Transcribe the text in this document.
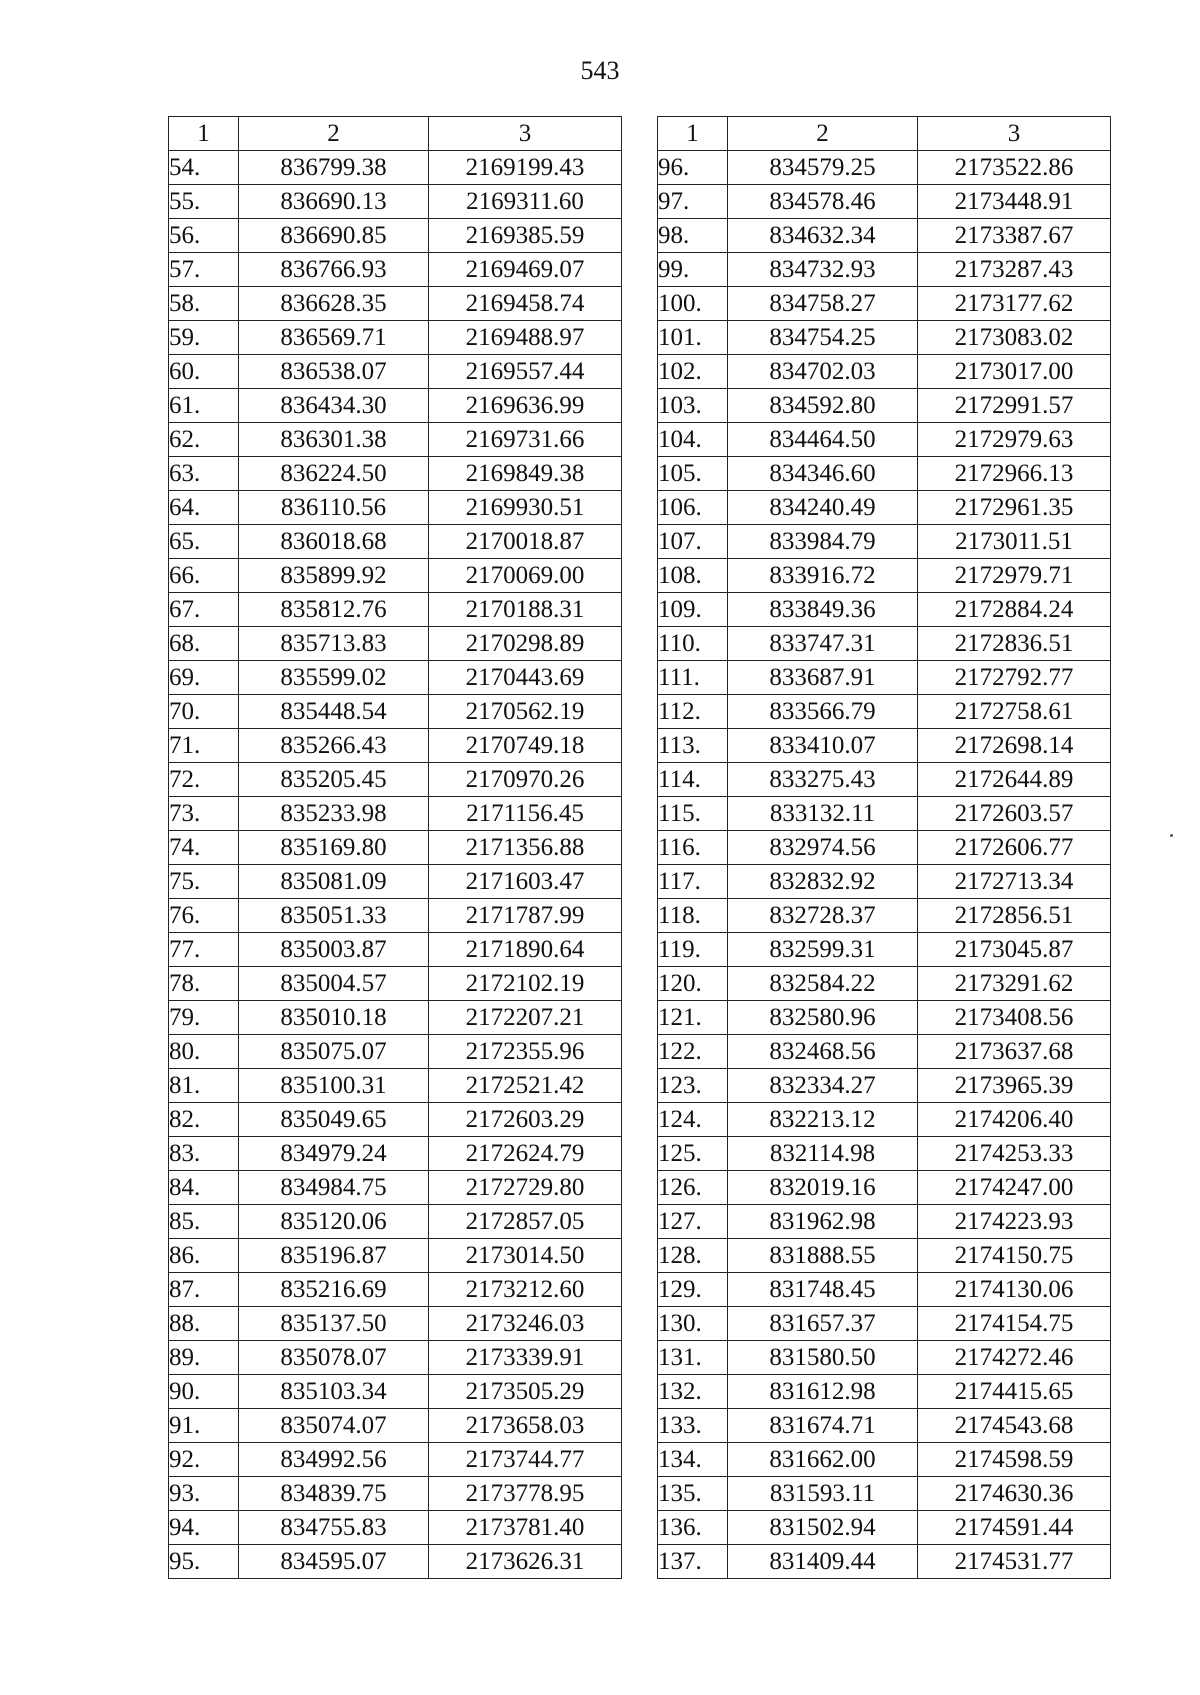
543
1	2	3
54.	836799.38	2169199.43
55.	836690.13	2169311.60
56.	836690.85	2169385.59
57.	836766.93	2169469.07
58.	836628.35	2169458.74
59.	836569.71	2169488.97
60.	836538.07	2169557.44
61.	836434.30	2169636.99
62.	836301.38	2169731.66
63.	836224.50	2169849.38
64.	836110.56	2169930.51
65.	836018.68	2170018.87
66.	835899.92	2170069.00
67.	835812.76	2170188.31
68.	835713.83	2170298.89
69.	835599.02	2170443.69
70.	835448.54	2170562.19
71.	835266.43	2170749.18
72.	835205.45	2170970.26
73.	835233.98	2171156.45
74.	835169.80	2171356.88
75.	835081.09	2171603.47
76.	835051.33	2171787.99
77.	835003.87	2171890.64
78.	835004.57	2172102.19
79.	835010.18	2172207.21
80.	835075.07	2172355.96
81.	835100.31	2172521.42
82.	835049.65	2172603.29
83.	834979.24	2172624.79
84.	834984.75	2172729.80
85.	835120.06	2172857.05
86.	835196.87	2173014.50
87.	835216.69	2173212.60
88.	835137.50	2173246.03
89.	835078.07	2173339.91
90.	835103.34	2173505.29
91.	835074.07	2173658.03
92.	834992.56	2173744.77
93.	834839.75	2173778.95
94.	834755.83	2173781.40
95.	834595.07	2173626.31
1	2	3
96.	834579.25	2173522.86
97.	834578.46	2173448.91
98.	834632.34	2173387.67
99.	834732.93	2173287.43
100.	834758.27	2173177.62
101.	834754.25	2173083.02
102.	834702.03	2173017.00
103.	834592.80	2172991.57
104.	834464.50	2172979.63
105.	834346.60	2172966.13
106.	834240.49	2172961.35
107.	833984.79	2173011.51
108.	833916.72	2172979.71
109.	833849.36	2172884.24
110.	833747.31	2172836.51
111.	833687.91	2172792.77
112.	833566.79	2172758.61
113.	833410.07	2172698.14
114.	833275.43	2172644.89
115.	833132.11	2172603.57
116.	832974.56	2172606.77
117.	832832.92	2172713.34
118.	832728.37	2172856.51
119.	832599.31	2173045.87
120.	832584.22	2173291.62
121.	832580.96	2173408.56
122.	832468.56	2173637.68
123.	832334.27	2173965.39
124.	832213.12	2174206.40
125.	832114.98	2174253.33
126.	832019.16	2174247.00
127.	831962.98	2174223.93
128.	831888.55	2174150.75
129.	831748.45	2174130.06
130.	831657.37	2174154.75
131.	831580.50	2174272.46
132.	831612.98	2174415.65
133.	831674.71	2174543.68
134.	831662.00	2174598.59
135.	831593.11	2174630.36
136.	831502.94	2174591.44
137.	831409.44	2174531.77
